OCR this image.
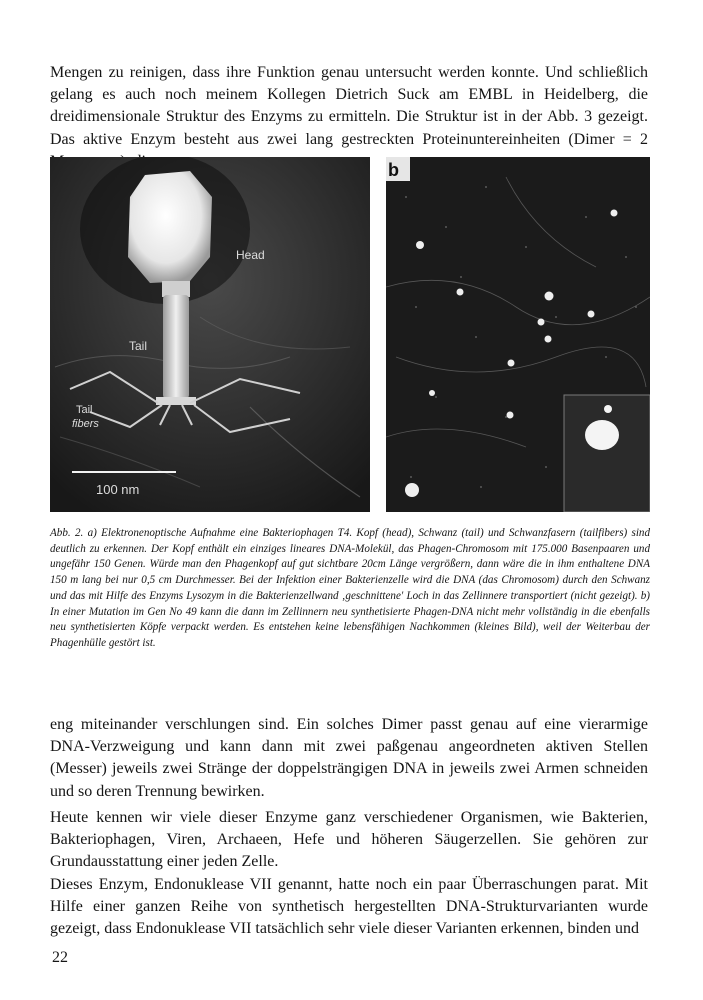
Mengen zu reinigen, dass ihre Funktion genau untersucht werden konnte. Und schließlich gelang es auch noch meinem Kollegen Dietrich Suck am EMBL in Heidelberg, die dreidimensionale Struktur des Enzyms zu ermitteln. Die Struktur ist in der Abb. 3 gezeigt. Das aktive Enzym besteht aus zwei lang gestreckten Proteinuntereinheiten (Dimer = 2

Head
Tail
Tail
fibers
100 nm
b

Abb. 2. a) Elektronenoptische Aufnahme eine Bakteriophagen T4. Kopf (head), Schwanz (tail) und Schwanzfasern (tailfibers) sind deutlich zu erkennen. Der Kopf enthält ein einziges lineares DNA-Molekül, das Phagen-Chromosom mit 175.000 Basenpaaren und ungefähr 150 Genen. Würde man den Phagenkopf auf gut sichtbare 20cm Länge vergrößern, dann wäre die in ihm enthaltene DNA 150 m lang bei nur 0,5 cm Durchmesser. Bei der Infektion einer Bakterienzelle wird die DNA (das Chromosom) durch den Schwanz und das mit Hilfe des Enzyms Lysozym in die Bakterienzellwand ‚geschnittene' Loch in das Zellinnere transportiert (nicht gezeigt). b) In einer Mutation im Gen No 49 kann die dann im Zellinnern neu synthetisierte Phagen-DNA nicht mehr vollständig in die ebenfalls neu synthetisierten Köpfe verpackt werden. Es entstehen keine lebensfähigen Nachkommen (kleines Bild), weil der Weiterbau der Phagenhülle gestört ist.

eng miteinander verschlungen sind. Ein solches Dimer passt genau auf eine vierarmige DNA-Verzweigung und kann dann mit zwei paßgenau angeordneten aktiven Stellen (Messer) jeweils zwei Stränge der doppelsträngigen DNA in jeweils zwei Armen schneiden und so deren Trennung bewirken.

Heute kennen wir viele dieser Enzyme ganz verschiedener Organismen, wie Bakterien, Bakteriophagen, Viren, Archaeen, Hefe und höheren Säugerzellen. Sie gehören zur Grundausstattung einer jeden Zelle.

Dieses Enzym, Endonuklease VII genannt, hatte noch ein paar Überraschungen parat. Mit Hilfe einer ganzen Reihe von synthetisch hergestellten DNA-Strukturvarianten wurde gezeigt, dass Endonuklease VII tatsächlich sehr viele dieser Varianten erkennen, binden und

22
